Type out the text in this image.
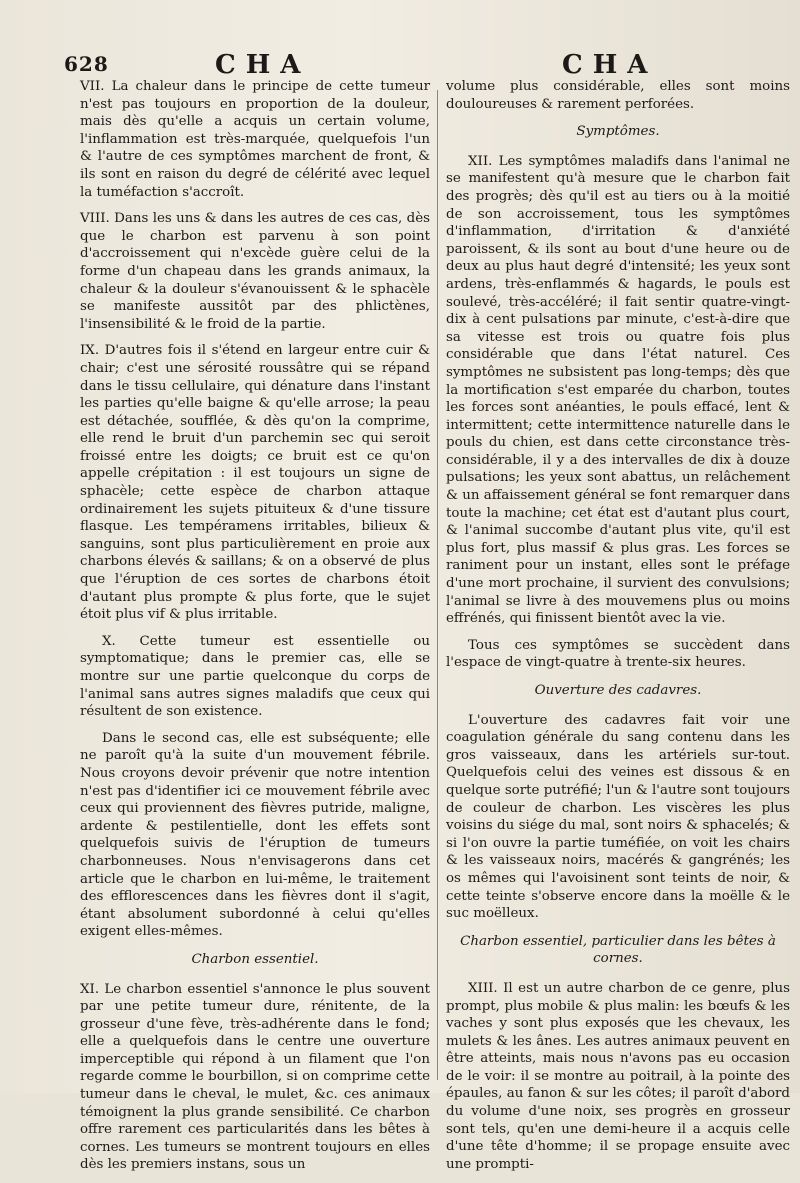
628	CHA	CHA

VII. La chaleur dans le principe de cette tumeur n'est pas toujours en proportion de la douleur, mais dès qu'elle a acquis un certain volume, l'inflammation est très-marquée, quelquefois l'un & l'autre de ces symptômes marchent de front, & ils sont en raison du degré de célérité avec lequel la tuméfaction s'accroît.

VIII. Dans les uns & dans les autres de ces cas, dès que le charbon est parvenu à son point d'accroissement qui n'excède guère celui de la forme d'un chapeau dans les grands animaux, la chaleur & la douleur s'évanouissent & le sphacèle se manifeste aussitôt par des phlictènes, l'insensibilité & le froid de la partie.

IX. D'autres fois il s'étend en largeur entre cuir & chair; c'est une sérosité roussâtre qui se répand dans le tissu cellulaire, qui dénature dans l'instant les parties qu'elle baigne & qu'elle arrose; la peau est détachée, soufflée, & dès qu'on la comprime, elle rend le bruit d'un parchemin sec qui seroit froissé entre les doigts; ce bruit est ce qu'on appelle crépitation : il est toujours un signe de sphacèle; cette espèce de charbon attaque ordinairement les sujets pituiteux & d'une tissure flasque. Les tempéramens irritables, bilieux & sanguins, sont plus particulièrement en proie aux charbons élevés & saillans; & on a observé de plus que l'éruption de ces sortes de charbons étoit d'autant plus prompte & plus forte, que le sujet étoit plus vif & plus irritable.

X. Cette tumeur est essentielle ou symptomatique; dans le premier cas, elle se montre sur une partie quelconque du corps de l'animal sans autres signes maladifs que ceux qui résultent de son existence.

Dans le second cas, elle est subséquente; elle ne paroît qu'à la suite d'un mouvement fébrile. Nous croyons devoir prévenir que notre intention n'est pas d'identifier ici ce mouvement fébrile avec ceux qui proviennent des fièvres putride, maligne, ardente & pestilentielle, dont les effets sont quelquefois suivis de l'éruption de tumeurs charbonneuses. Nous n'envisagerons dans cet article que le charbon en lui-même, le traitement des efflorescences dans les fièvres dont il s'agit, étant absolument subordonné à celui qu'elles exigent elles-mêmes.

Charbon essentiel.

XI. Le charbon essentiel s'annonce le plus souvent par une petite tumeur dure, rénitente, de la grosseur d'une fève, très-adhérente dans le fond; elle a quelquefois dans le centre une ouverture imperceptible qui répond à un filament que l'on regarde comme le bourbillon, si on comprime cette tumeur dans le cheval, le mulet, &c. ces animaux témoignent la plus grande sensibilité. Ce charbon offre rarement ces particularités dans les bêtes à cornes. Les tumeurs se montrent toujours en elles dès les premiers instans, sous un

volume plus considérable, elles sont moins douloureuses & rarement perforées.

Symptômes.

XII. Les symptômes maladifs dans l'animal ne se manifestent qu'à mesure que le charbon fait des progrès; dès qu'il est au tiers ou à la moitié de son accroissement, tous les symptômes d'inflammation, d'irritation & d'anxiété paroissent, & ils sont au bout d'une heure ou de deux au plus haut degré d'intensité; les yeux sont ardens, très-enflammés & hagards, le pouls est soulevé, très-accéléré; il fait sentir quatre-vingt-dix à cent pulsations par minute, c'est-à-dire que sa vitesse est trois ou quatre fois plus considérable que dans l'état naturel. Ces symptômes ne subsistent pas long-temps; dès que la mortification s'est emparée du charbon, toutes les forces sont anéanties, le pouls effacé, lent & intermittent; cette intermittence naturelle dans le pouls du chien, est dans cette circonstance très-considérable, il y a des intervalles de dix à douze pulsations; les yeux sont abattus, un relâchement & un affaissement général se font remarquer dans toute la machine; cet état est d'autant plus court, & l'animal succombe d'autant plus vite, qu'il est plus fort, plus massif & plus gras. Les forces se raniment pour un instant, elles sont le préfage d'une mort prochaine, il survient des convulsions; l'animal se livre à des mouvemens plus ou moins effrénés, qui finissent bientôt avec la vie.

Tous ces symptômes se succèdent dans l'espace de vingt-quatre à trente-six heures.

Ouverture des cadavres.

L'ouverture des cadavres fait voir une coagulation générale du sang contenu dans les gros vaisseaux, dans les artériels sur-tout. Quelquefois celui des veines est dissous & en quelque sorte putréfié; l'un & l'autre sont toujours de couleur de charbon. Les viscères les plus voisins du siége du mal, sont noirs & sphacelés; & si l'on ouvre la partie tuméfiée, on voit les chairs & les vaisseaux noirs, macérés & gangrénés; les os mêmes qui l'avoisinent sont teints de noir, & cette teinte s'observe encore dans la moëlle & le suc moëlleux.

Charbon essentiel, particulier dans les bêtes à cornes.

XIII. Il est un autre charbon de ce genre, plus prompt, plus mobile & plus malin: les bœufs & les vaches y sont plus exposés que les chevaux, les mulets & les ânes. Les autres animaux peuvent en être atteints, mais nous n'avons pas eu occasion de le voir: il se montre au poitrail, à la pointe des épaules, au fanon & sur les côtes; il paroît d'abord du volume d'une noix, ses progrès en grosseur sont tels, qu'en une demi-heure il a acquis celle d'une tête d'homme; il se propage ensuite avec une prompti-
